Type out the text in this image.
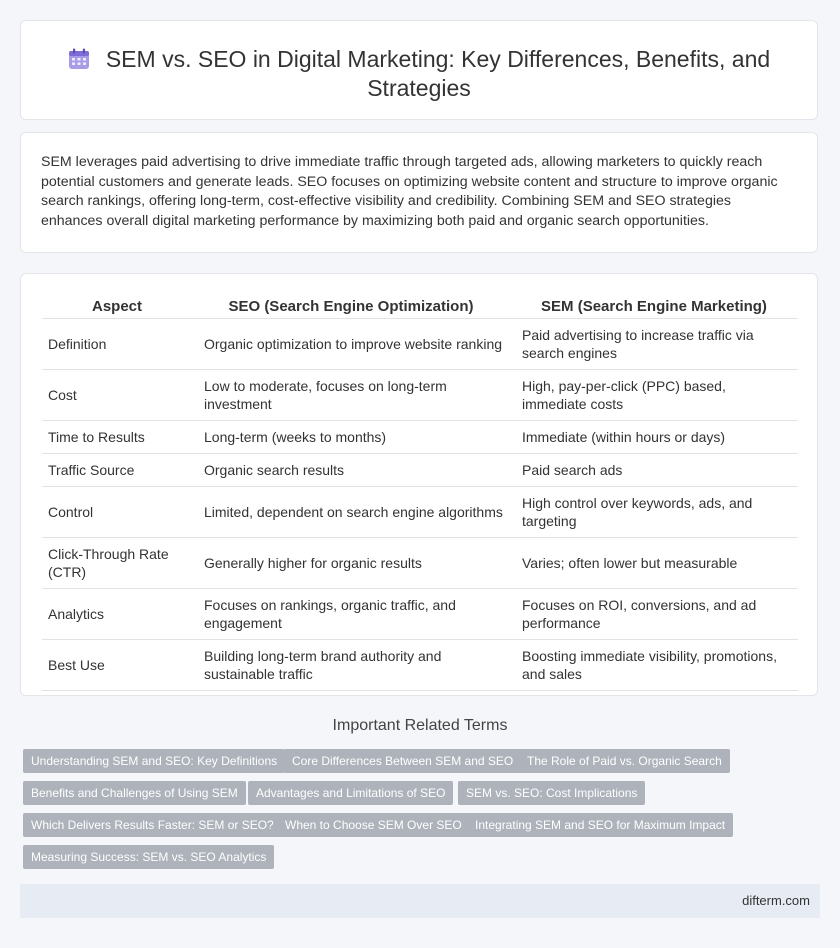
SEM vs. SEO in Digital Marketing: Key Differences, Benefits, and
Strategies

SEM leverages paid advertising to drive immediate traffic through targeted ads, allowing marketers to quickly reach potential customers and generate leads. SEO focuses on optimizing website content and structure to improve organic search rankings, offering long-term, cost-effective visibility and credibility. Combining SEM and SEO strategies enhances overall digital marketing performance by maximizing both paid and organic search opportunities.

Aspect	SEO (Search Engine Optimization)	SEM (Search Engine Marketing)
Definition	Organic optimization to improve website ranking	Paid advertising to increase traffic via search engines
Cost	Low to moderate, focuses on long-term investment	High, pay-per-click (PPC) based, immediate costs
Time to Results	Long-term (weeks to months)	Immediate (within hours or days)
Traffic Source	Organic search results	Paid search ads
Control	Limited, dependent on search engine algorithms	High control over keywords, ads, and targeting
Click-Through Rate (CTR)	Generally higher for organic results	Varies; often lower but measurable
Analytics	Focuses on rankings, organic traffic, and engagement	Focuses on ROI, conversions, and ad performance
Best Use	Building long-term brand authority and sustainable traffic	Boosting immediate visibility, promotions, and sales
Important Related Terms
Understanding SEM and SEO: Key Definitions	Core Differences Between SEM and SEO	The Role of Paid vs. Organic Search
Benefits and Challenges of Using SEM	Advantages and Limitations of SEO	SEM vs. SEO: Cost Implications
Which Delivers Results Faster: SEM or SEO? When to Choose SEM Over SEO	Integrating SEM and SEO for Maximum Impact
Measuring Success: SEM vs. SEO Analytics
difterm.com
